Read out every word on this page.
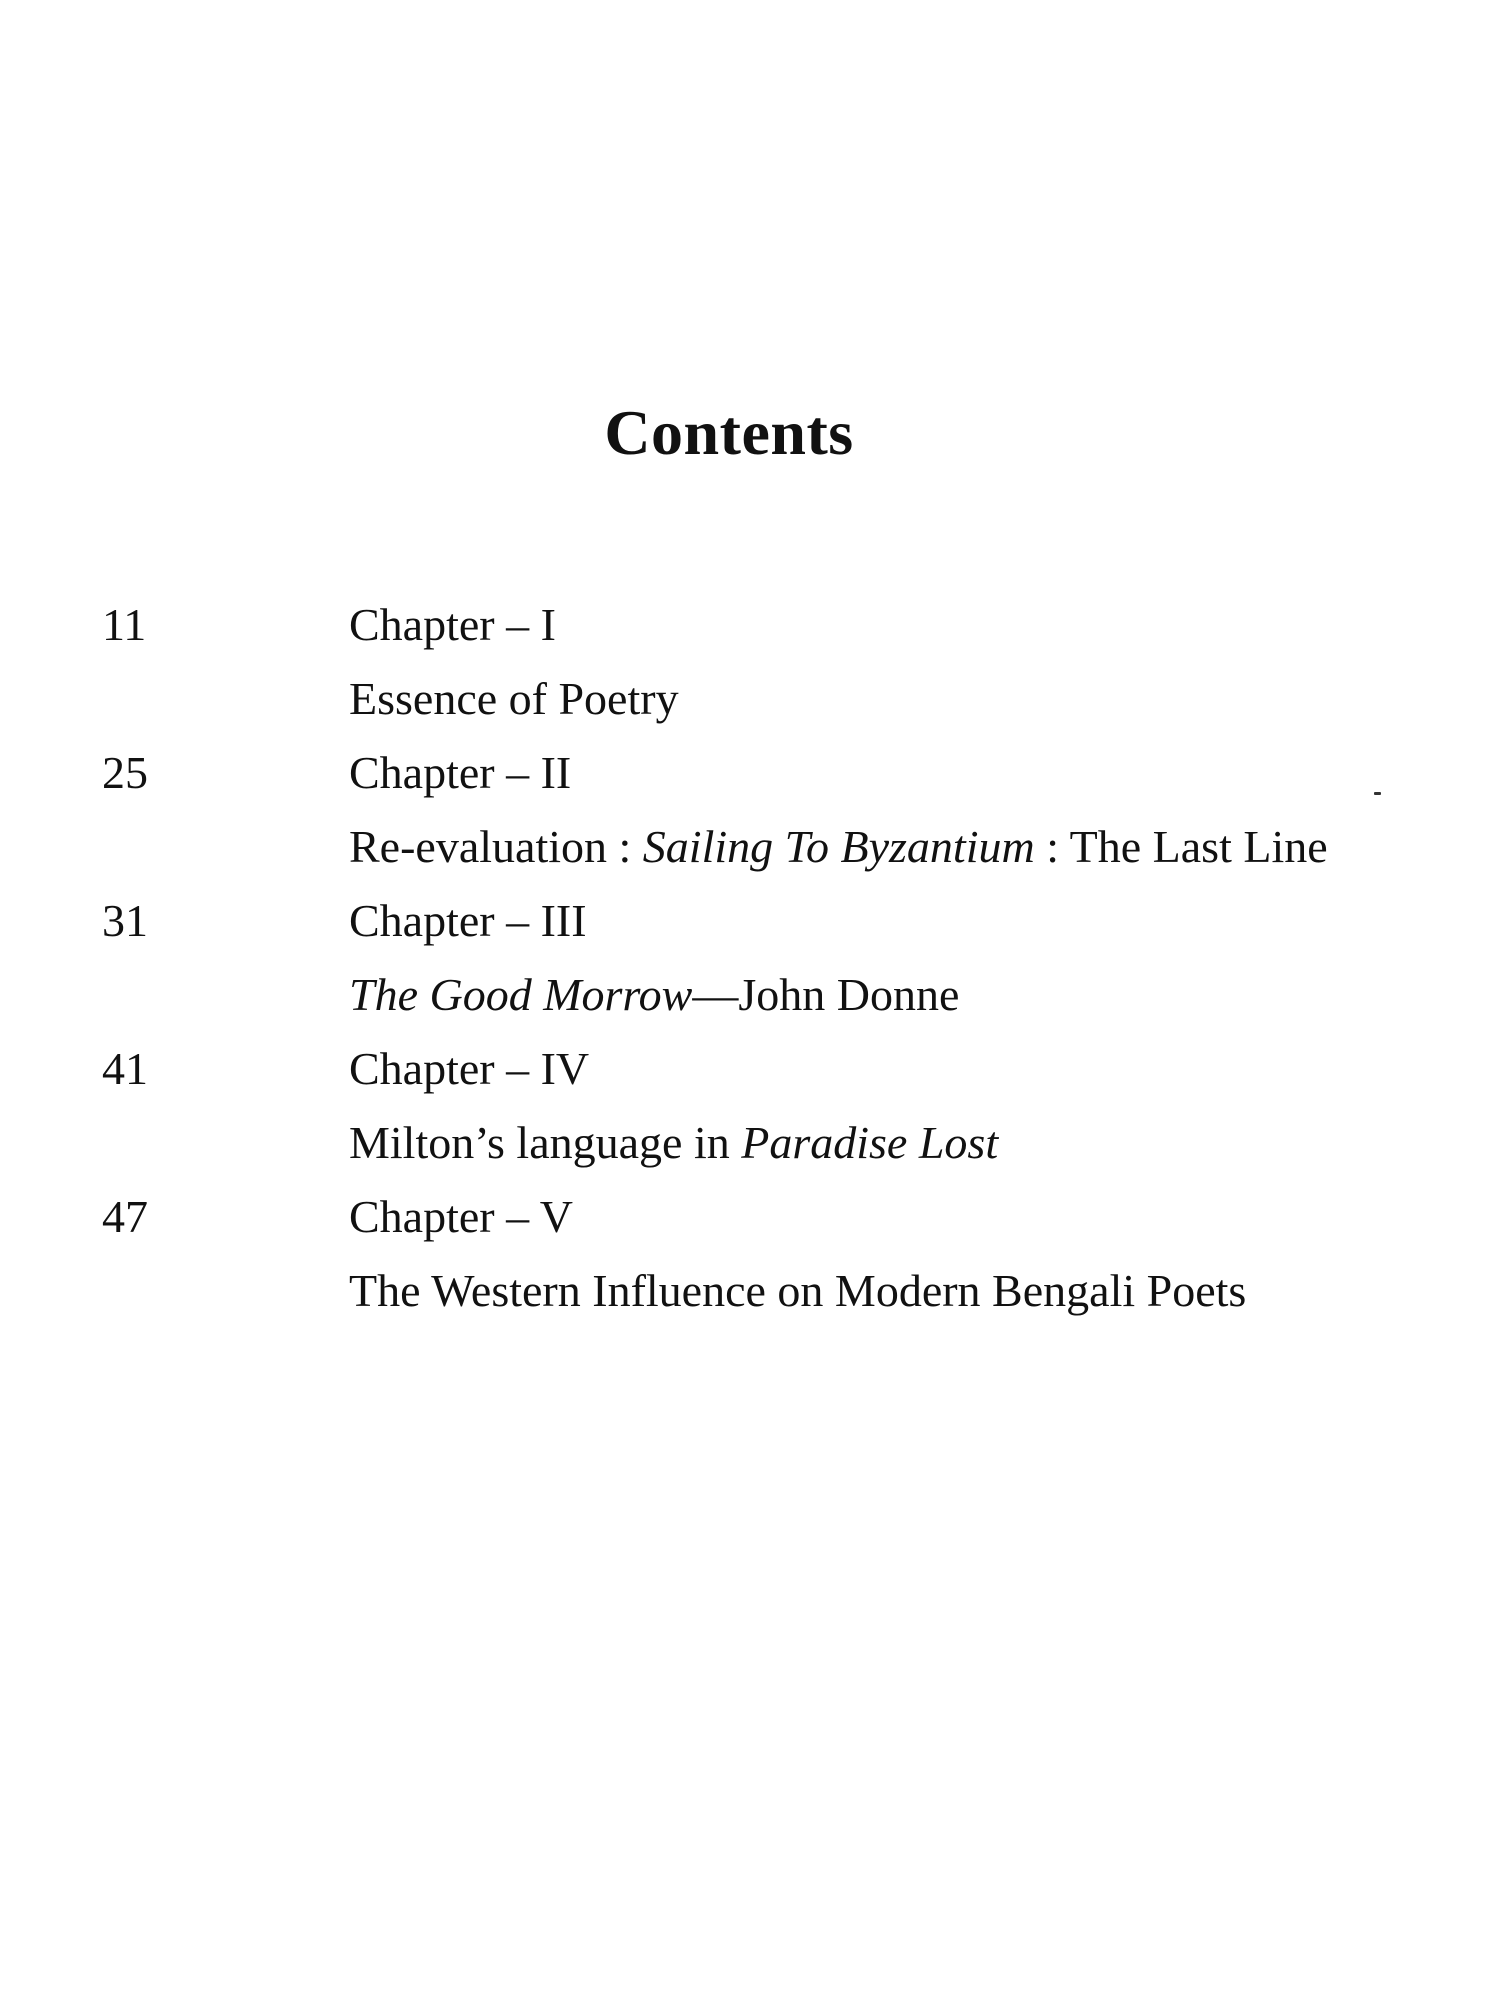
Contents
11	Chapter – I
Essence of Poetry
25	Chapter – II
Re-evaluation : Sailing To Byzantium : The Last Line
31	Chapter – III
The Good Morrow—John Donne
41	Chapter – IV
Milton’s language in Paradise Lost
47	Chapter – V
The Western Influence on Modern Bengali Poets
